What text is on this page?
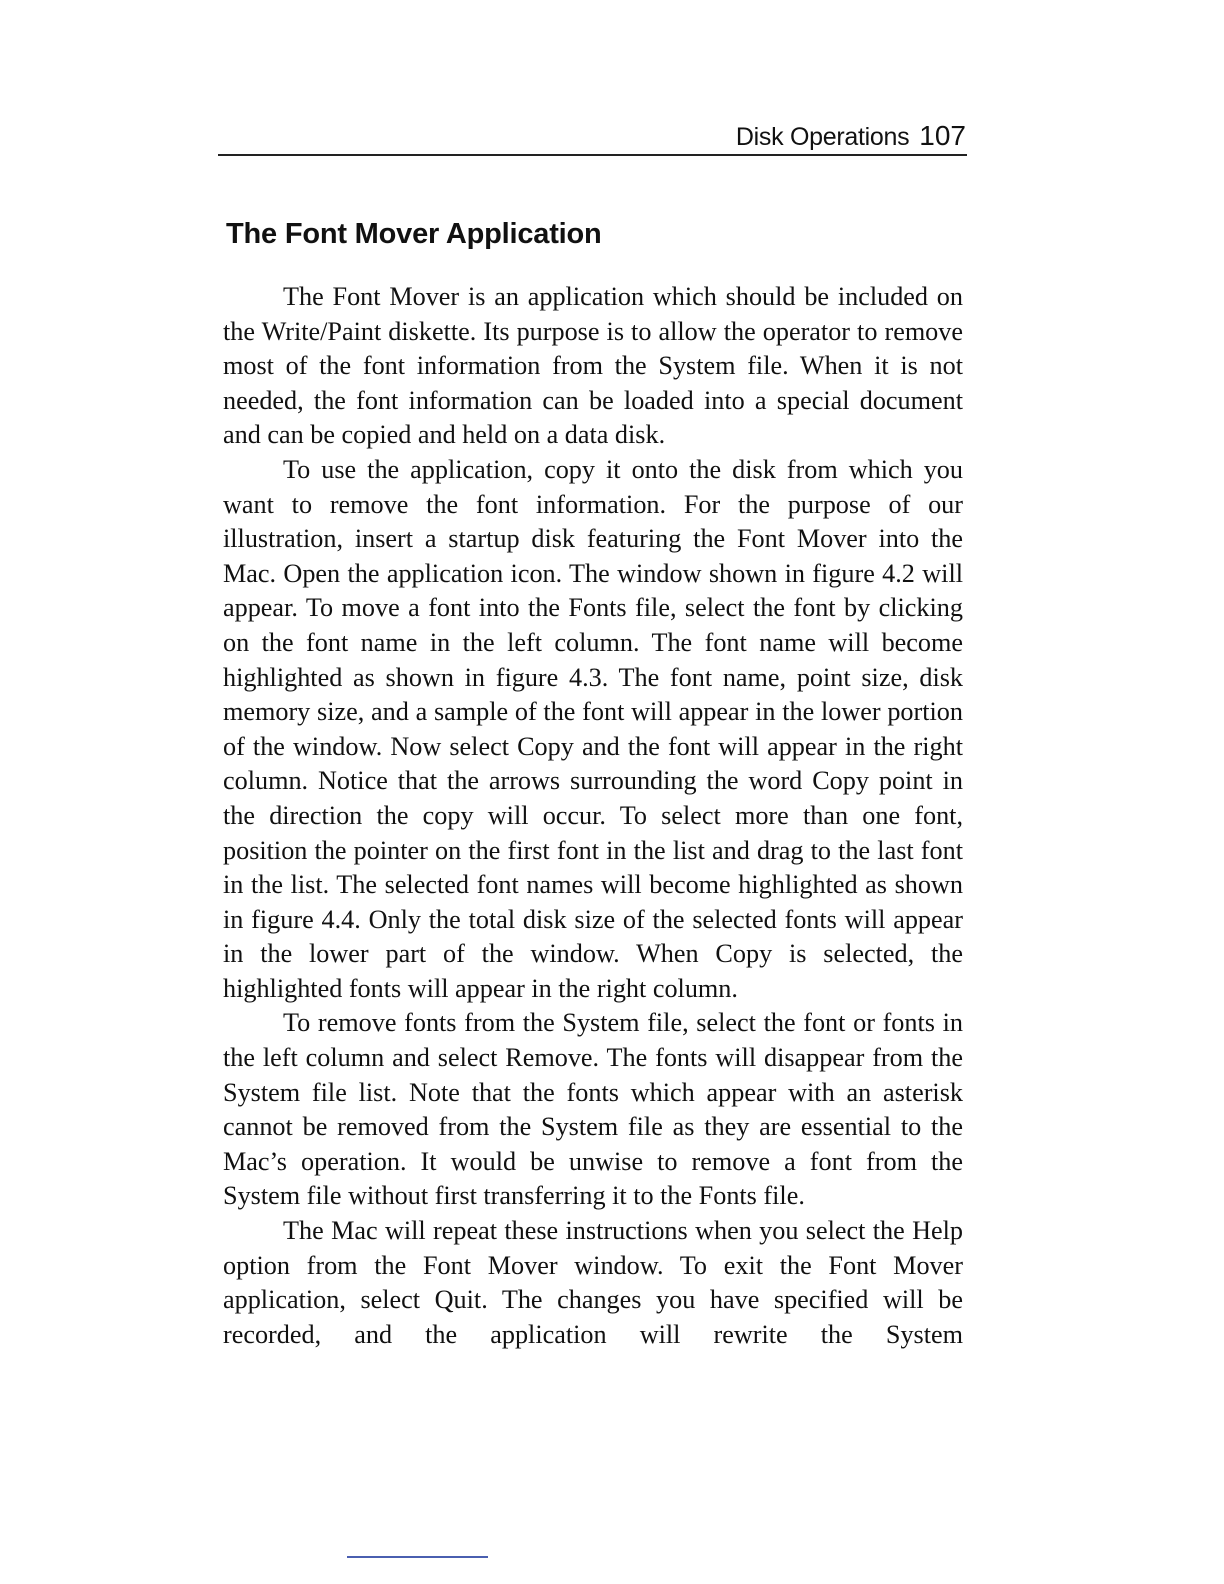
Disk Operations 107
The Font Mover Application

The Font Mover is an application which should be included on the Write/Paint diskette. Its purpose is to allow the operator to remove most of the font information from the System file. When it is not needed, the font information can be loaded into a special document and can be copied and held on a data disk.

To use the application, copy it onto the disk from which you want to remove the font information. For the purpose of our illustration, insert a startup disk featuring the Font Mover into the Mac. Open the application icon. The window shown in figure 4.2 will appear. To move a font into the Fonts file, select the font by clicking on the font name in the left column. The font name will become highlighted as shown in figure 4.3. The font name, point size, disk memory size, and a sample of the font will appear in the lower portion of the window. Now select Copy and the font will appear in the right column. Notice that the arrows surrounding the word Copy point in the direction the copy will occur. To select more than one font, position the pointer on the first font in the list and drag to the last font in the list. The selected font names will become highlighted as shown in figure 4.4. Only the total disk size of the selected fonts will appear in the lower part of the window. When Copy is selected, the highlighted fonts will appear in the right column.

To remove fonts from the System file, select the font or fonts in the left column and select Remove. The fonts will disappear from the System file list. Note that the fonts which appear with an asterisk cannot be removed from the System file as they are essential to the Mac’s operation. It would be unwise to remove a font from the System file without first transferring it to the Fonts file.

The Mac will repeat these instructions when you select the Help option from the Font Mover window. To exit the Font Mover application, select Quit. The changes you have specified will be recorded, and the application will rewrite the System
